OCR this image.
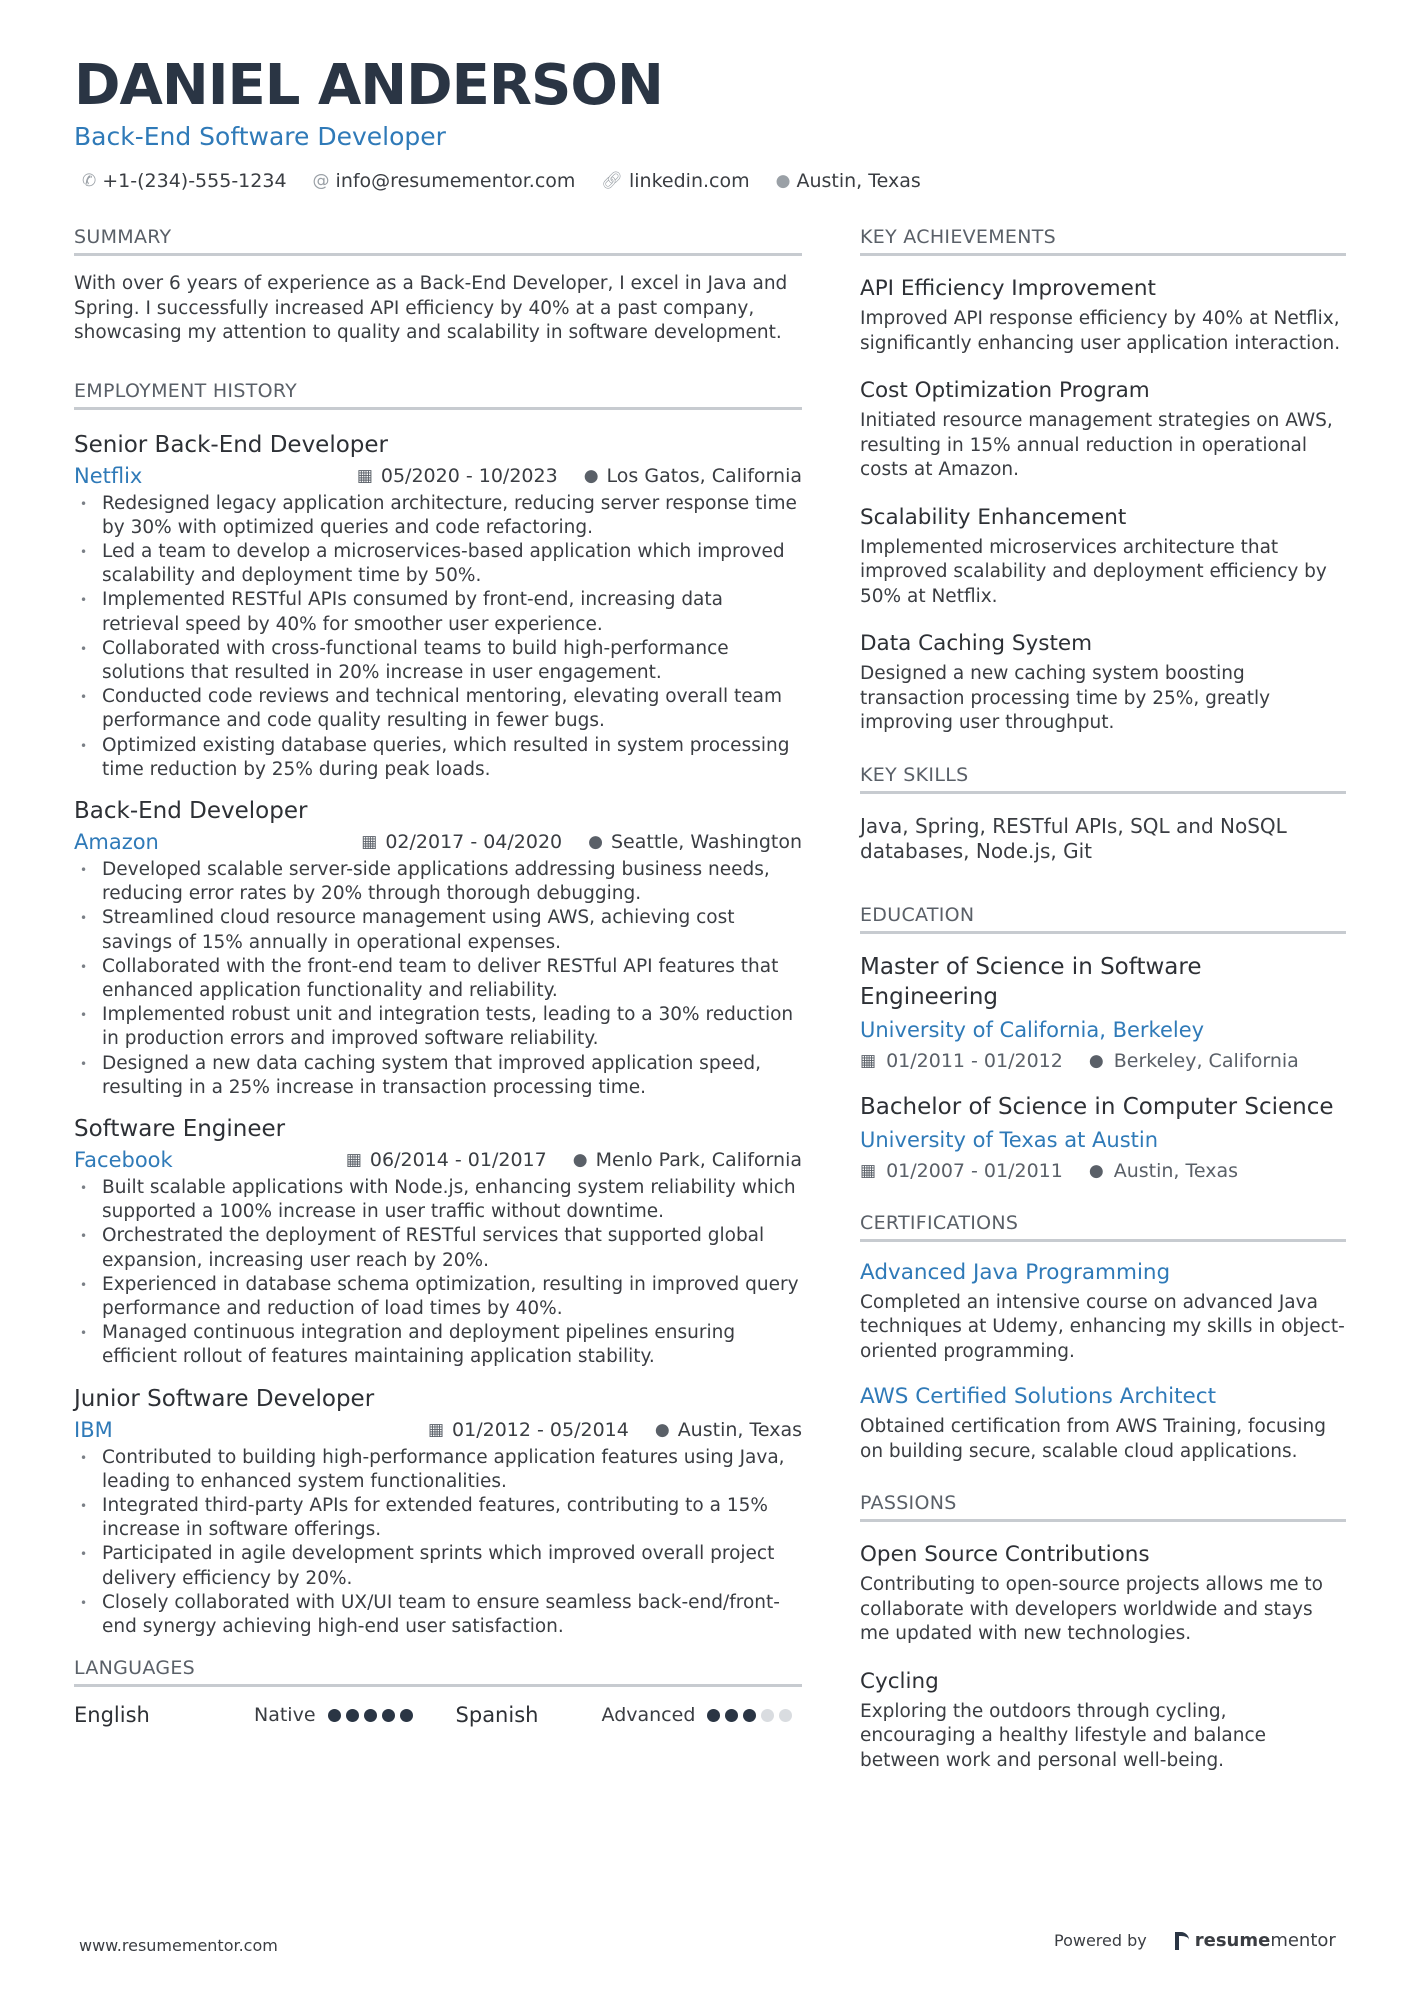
DANIEL ANDERSON
Back-End Software Developer
✆ +1-(234)-555-1234 @ info@resumementor.com 🔗︎ linkedin.com ● Austin, Texas
SUMMARY
With over 6 years of experience as a Back-End Developer, I excel in Java and Spring. I successfully increased API efficiency by 40% at a past company, showcasing my attention to quality and scalability in software development.
EMPLOYMENT HISTORY
Senior Back-End Developer
Netflix	▦ 05/2020 - 10/2023 ● Los Gatos, California
• Redesigned legacy application architecture, reducing server response time by 30% with optimized queries and code refactoring.
• Led a team to develop a microservices-based application which improved scalability and deployment time by 50%.
• Implemented RESTful APIs consumed by front-end, increasing data retrieval speed by 40% for smoother user experience.
• Collaborated with cross-functional teams to build high-performance solutions that resulted in 20% increase in user engagement.
• Conducted code reviews and technical mentoring, elevating overall team performance and code quality resulting in fewer bugs.
• Optimized existing database queries, which resulted in system processing time reduction by 25% during peak loads.
Back-End Developer
Amazon	▦ 02/2017 - 04/2020 ● Seattle, Washington
• Developed scalable server-side applications addressing business needs, reducing error rates by 20% through thorough debugging.
• Streamlined cloud resource management using AWS, achieving cost savings of 15% annually in operational expenses.
• Collaborated with the front-end team to deliver RESTful API features that enhanced application functionality and reliability.
• Implemented robust unit and integration tests, leading to a 30% reduction in production errors and improved software reliability.
• Designed a new data caching system that improved application speed, resulting in a 25% increase in transaction processing time.
Software Engineer
Facebook	▦ 06/2014 - 01/2017 ● Menlo Park, California
• Built scalable applications with Node.js, enhancing system reliability which supported a 100% increase in user traffic without downtime.
• Orchestrated the deployment of RESTful services that supported global expansion, increasing user reach by 20%.
• Experienced in database schema optimization, resulting in improved query performance and reduction of load times by 40%.
• Managed continuous integration and deployment pipelines ensuring efficient rollout of features maintaining application stability.
Junior Software Developer
IBM	▦ 01/2012 - 05/2014 ● Austin, Texas
• Contributed to building high-performance application features using Java, leading to enhanced system functionalities.
• Integrated third-party APIs for extended features, contributing to a 15% increase in software offerings.
• Participated in agile development sprints which improved overall project delivery efficiency by 20%.
• Closely collaborated with UX/UI team to ensure seamless back-end/front-end synergy achieving high-end user satisfaction.
LANGUAGES
English	Native	Spanish	Advanced
KEY ACHIEVEMENTS
API Efficiency Improvement
Improved API response efficiency by 40% at Netflix, significantly enhancing user application interaction.
Cost Optimization Program
Initiated resource management strategies on AWS, resulting in 15% annual reduction in operational costs at Amazon.
Scalability Enhancement
Implemented microservices architecture that improved scalability and deployment efficiency by 50% at Netflix.
Data Caching System
Designed a new caching system boosting transaction processing time by 25%, greatly improving user throughput.
KEY SKILLS
Java, Spring, RESTful APIs, SQL and NoSQL databases, Node.js, Git
EDUCATION
Master of Science in Software Engineering
University of California, Berkeley
▦ 01/2011 - 01/2012 ● Berkeley, California
Bachelor of Science in Computer Science
University of Texas at Austin
▦ 01/2007 - 01/2011 ● Austin, Texas
CERTIFICATIONS
Advanced Java Programming
Completed an intensive course on advanced Java techniques at Udemy, enhancing my skills in object-oriented programming.
AWS Certified Solutions Architect
Obtained certification from AWS Training, focusing on building secure, scalable cloud applications.
PASSIONS
Open Source Contributions
Contributing to open-source projects allows me to collaborate with developers worldwide and stays me updated with new technologies.
Cycling
Exploring the outdoors through cycling, encouraging a healthy lifestyle and balance between work and personal well-being.
www.resumementor.com	Powered by	resume mentor
